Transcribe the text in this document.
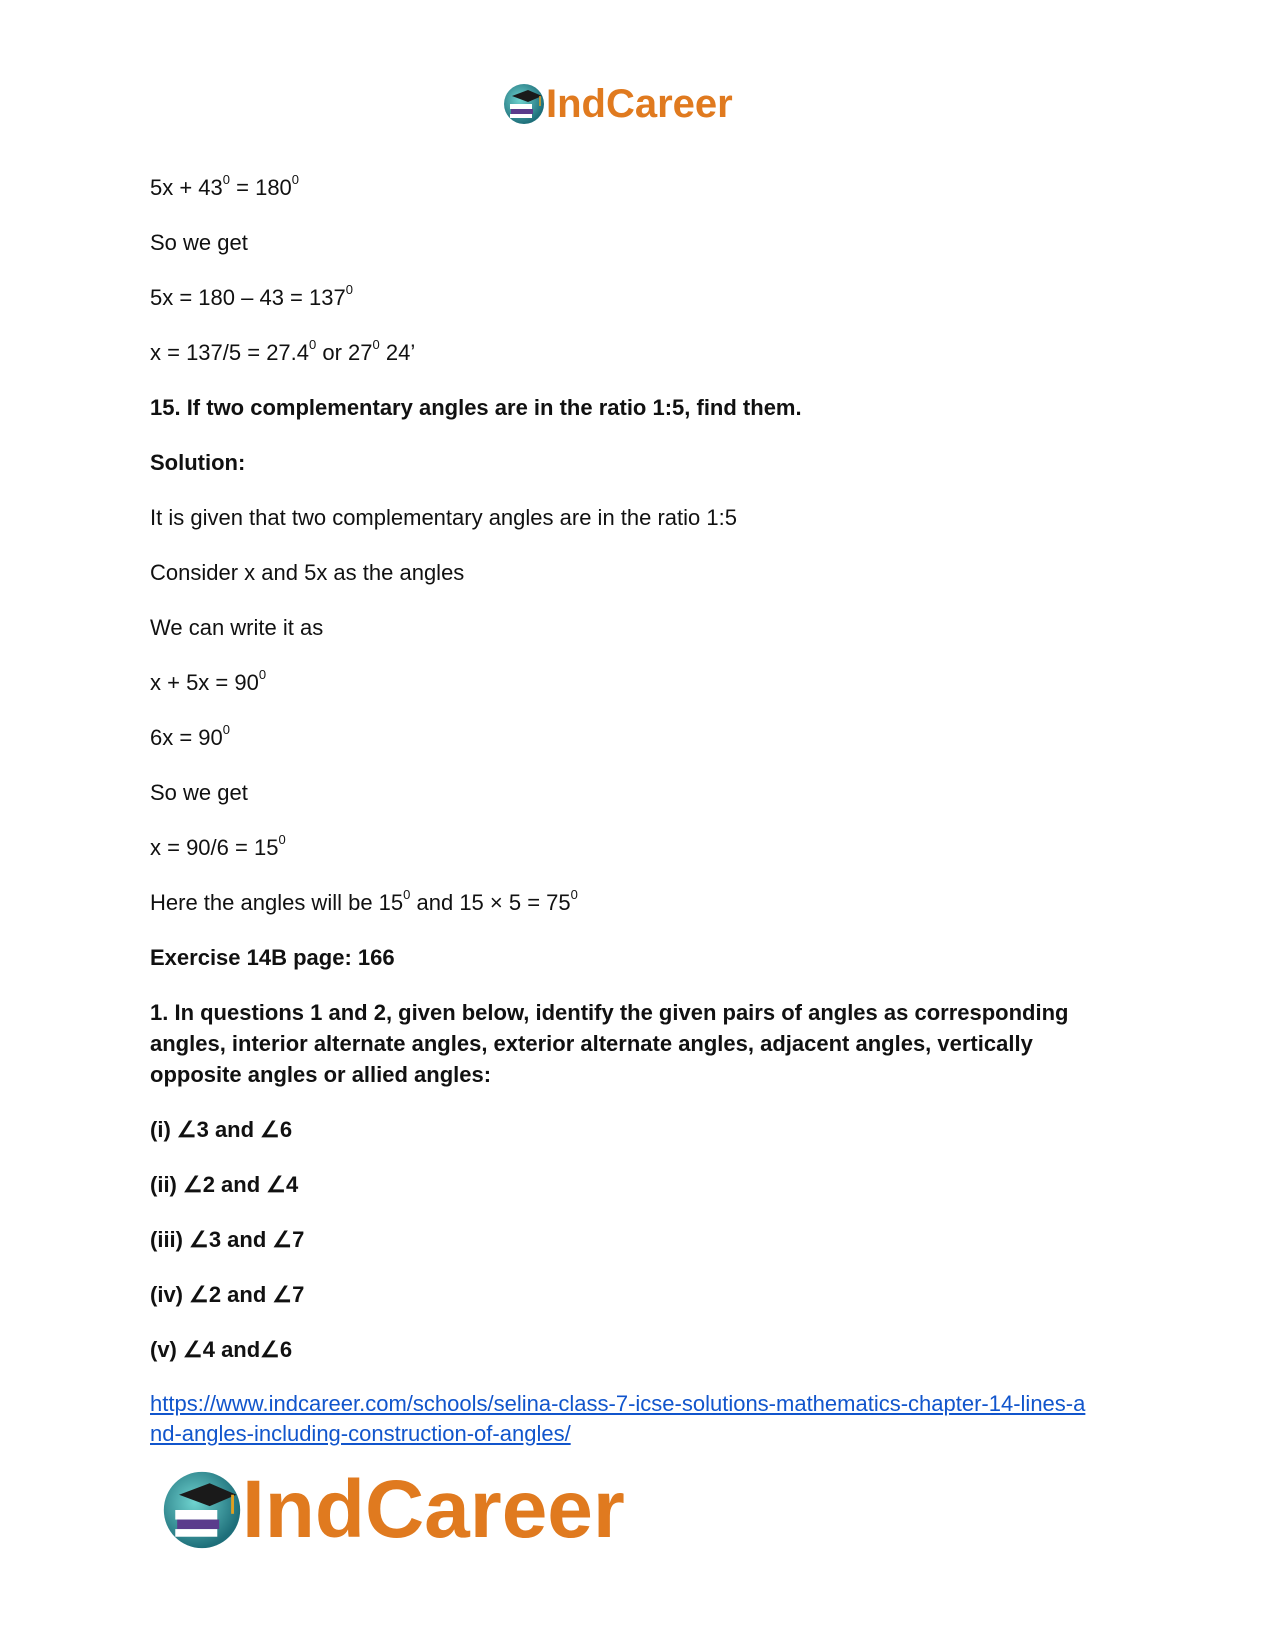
IndCareer
$5x + 43^0 = 180^0$
So we get
$5x = 180 - 43 = 137^0$
$x = 137/5 = 27.4^0$ or $27^0$ 24’
15. If two complementary angles are in the ratio 1:5, find them.
Solution:
It is given that two complementary angles are in the ratio 1:5
Consider x and 5x as the angles
We can write it as
$x + 5x = 90^0$
$6x = 90^0$
So we get
$x = 90/6 = 15^0$
Here the angles will be $15^0$ and $15 \times 5 = 75^0$
Exercise 14B page: 166
1. In questions 1 and 2, given below, identify the given pairs of angles as corresponding angles, interior alternate angles, exterior alternate angles, adjacent angles, vertically opposite angles or allied angles:
(i) ∠3 and ∠6
(ii) ∠2 and ∠4
(iii) ∠3 and ∠7
(iv) ∠2 and ∠7
(v) ∠4 and∠6
https://www.indcareer.com/schools/selina-class-7-icse-solutions-mathematics-chapter-14-lines-a
nd-angles-including-construction-of-angles/
IndCareer
